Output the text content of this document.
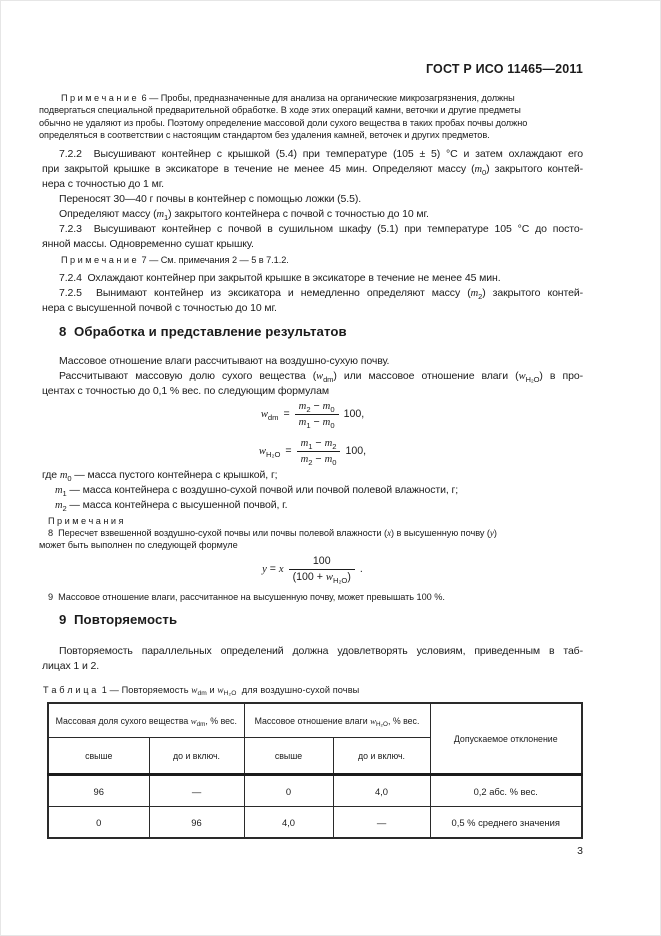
ГОСТ Р ИСО 11465—2011
П р и м е ч а н и е  6 — Пробы, предназначенные для анализа на органические микрозагрязнения, должны
подвергаться специальной предварительной обработке. В ходе этих операций камни, веточки и другие предметы
обычно не удаляют из пробы. Поэтому определение массовой доли сухого вещества в таких пробах почвы должно
определяться в соответствии с настоящим стандартом без удаления камней, веточек и других предметов.
7.2.2  Высушивают контейнер с крышкой (5.4) при температуре (105 ± 5) °С и затем охлаждают его
при закрытой крышке в эксикаторе в течение не менее 45 мин. Определяют массу $(m_0)$ закрытого контей-
нера с точностью до 1 мг.
Переносят 30—40 г почвы в контейнер с помощью ложки (5.5).
Определяют массу $(m_1)$ закрытого контейнера с почвой с точностью до 10 мг.
7.2.3  Высушивают контейнер с почвой в сушильном шкафу (5.1) при температуре 105 °С до посто-
янной массы. Одновременно сушат крышку.
П р и м е ч а н и е  7 — См. примечания 2 — 5 в 7.1.2.
7.2.4  Охлаждают контейнер при закрытой крышке в эксикаторе в течение не менее 45 мин.
7.2.5  Вынимают контейнер из эксикатора и немедленно определяют массу $(m_2)$ закрытого контей-
нера с высушенной почвой с точностью до 10 мг.
8  Обработка и представление результатов
Массовое отношение влаги рассчитывают на воздушно-сухую почву.
Рассчитывают массовую долю сухого вещества $(w_{dm})$ или массовое отношение влаги $(w_{H_2O})$ в про-
центах с точностью до 0,1 % вес. по следующим формулам
$w_{dm} = \frac{m_2 - m_0}{m_1 - m_0} 100$,
$w_{H_2O} = \frac{m_1 - m_2}{m_2 - m_0} 100$,
где $m_0$ — масса пустого контейнера с крышкой, г;
$m_1$ — масса контейнера с воздушно-сухой почвой или почвой полевой влажности, г;
$m_2$ — масса контейнера с высушенной почвой, г.
П р и м е ч а н и я
8  Пересчет взвешенной воздушно-сухой почвы или почвы полевой влажности (x) в высушенную почву (y)
может быть выполнен по следующей формуле
y = x $\frac{100}{(100 + w_{H_2O})}$ .
9  Массовое отношение влаги, рассчитанное на высушенную почву, может превышать 100 %.
9  Повторяемость
Повторяемость параллельных определений должна удовлетворять условиям, приведенным в таб-
лицах 1 и 2.
Т а б л и ц а  1 — Повторяемость $w_{dm}$ и $w_{H_2O}$  для воздушно-сухой почвы
Массовая доля сухого вещества $w_{dm}$, % вес.		Массовое отношение влаги $w_{H_2O}$, % вес.		Допускаемое отклонение
свыше	до и включ.	свыше	до и включ.	
96	—	0	4,0	0,2 абс. % вес.
0	96	4,0	—	0,5 % среднего значения
3
